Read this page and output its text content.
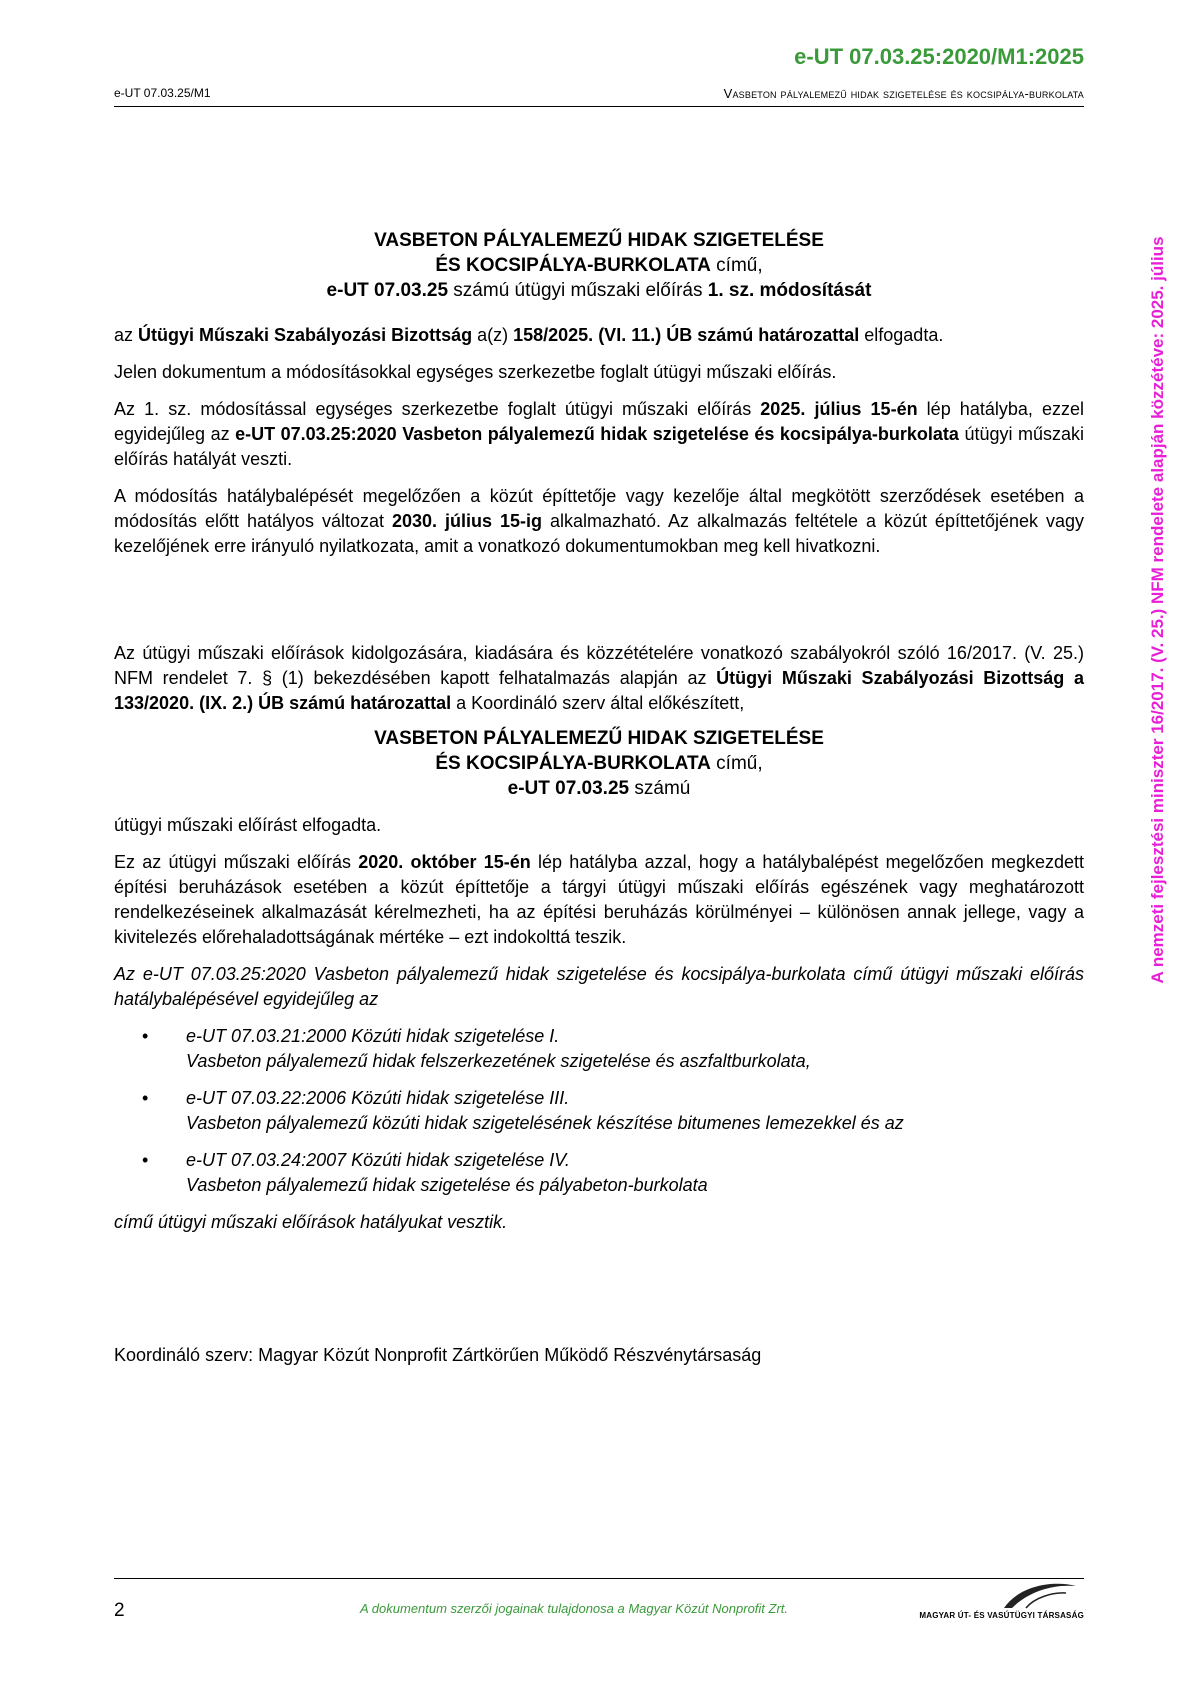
e-UT 07.03.25:2020/M1:2025
e-UT 07.03.25/M1	Vasbeton pályalemezű hidak szigetelése és kocsipálya-burkolata
A nemzeti fejlesztési miniszter 16/2017. (V. 25.) NFM rendelete alapján közzétéve: 2025. július
VASBETON PÁLYALEMEZŰ HIDAK SZIGETELÉSE
ÉS KOCSIPÁLYA-BURKOLATA című,
e-UT 07.03.25 számú útügyi műszaki előírás 1. sz. módosítását

az Útügyi Műszaki Szabályozási Bizottság a(z) 158/2025. (VI. 11.) ÚB számú határozattal elfogadta.

Jelen dokumentum a módosításokkal egységes szerkezetbe foglalt útügyi műszaki előírás.

Az 1. sz. módosítással egységes szerkezetbe foglalt útügyi műszaki előírás 2025. július 15-én lép hatályba, ezzel egyidejűleg az e-UT 07.03.25:2020 Vasbeton pályalemezű hidak szigetelése és kocsipálya-burkolata útügyi műszaki előírás hatályát veszti.

A módosítás hatálybalépését megelőzően a közút építtetője vagy kezelője által megkötött szerződések esetében a módosítás előtt hatályos változat 2030. július 15-ig alkalmazható. Az alkalmazás feltétele a közút építtetőjének vagy kezelőjének erre irányuló nyilatkozata, amit a vonatkozó dokumentumokban meg kell hivatkozni.

Az útügyi műszaki előírások kidolgozására, kiadására és közzétételére vonatkozó szabályokról szóló 16/2017. (V. 25.) NFM rendelet 7. § (1) bekezdésében kapott felhatalmazás alapján az Útügyi Műszaki Szabályozási Bizottság a 133/2020. (IX. 2.) ÚB számú határozattal a Koordináló szerv által előkészített,

VASBETON PÁLYALEMEZŰ HIDAK SZIGETELÉSE
ÉS KOCSIPÁLYA-BURKOLATA című,
e-UT 07.03.25 számú

útügyi műszaki előírást elfogadta.

Ez az útügyi műszaki előírás 2020. október 15-én lép hatályba azzal, hogy a hatálybalépést megelőzően megkezdett építési beruházások esetében a közút építtetője a tárgyi útügyi műszaki előírás egészének vagy meghatározott rendelkezéseinek alkalmazását kérelmezheti, ha az építési beruházás körülményei – különösen annak jellege, vagy a kivitelezés előrehaladottságának mértéke – ezt indokolttá teszik.

Az e-UT 07.03.25:2020 Vasbeton pályalemezű hidak szigetelése és kocsipálya-burkolata című útügyi műszaki előírás hatálybalépésével egyidejűleg az

• e-UT 07.03.21:2000 Közúti hidak szigetelése I.
Vasbeton pályalemezű hidak felszerkezetének szigetelése és aszfaltburkolata,
• e-UT 07.03.22:2006 Közúti hidak szigetelése III.
Vasbeton pályalemezű közúti hidak szigetelésének készítése bitumenes lemezekkel és az
• e-UT 07.03.24:2007 Közúti hidak szigetelése IV.
Vasbeton pályalemezű hidak szigetelése és pályabeton-burkolata

című útügyi műszaki előírások hatályukat vesztik.

Koordináló szerv: Magyar Közút Nonprofit Zártkörűen Működő Részvénytársaság

2	A dokumentum szerzői jogainak tulajdonosa a Magyar Közút Nonprofit Zrt.	MAGYAR ÚT- ÉS VASÚTÜGYI TÁRSASÁG
